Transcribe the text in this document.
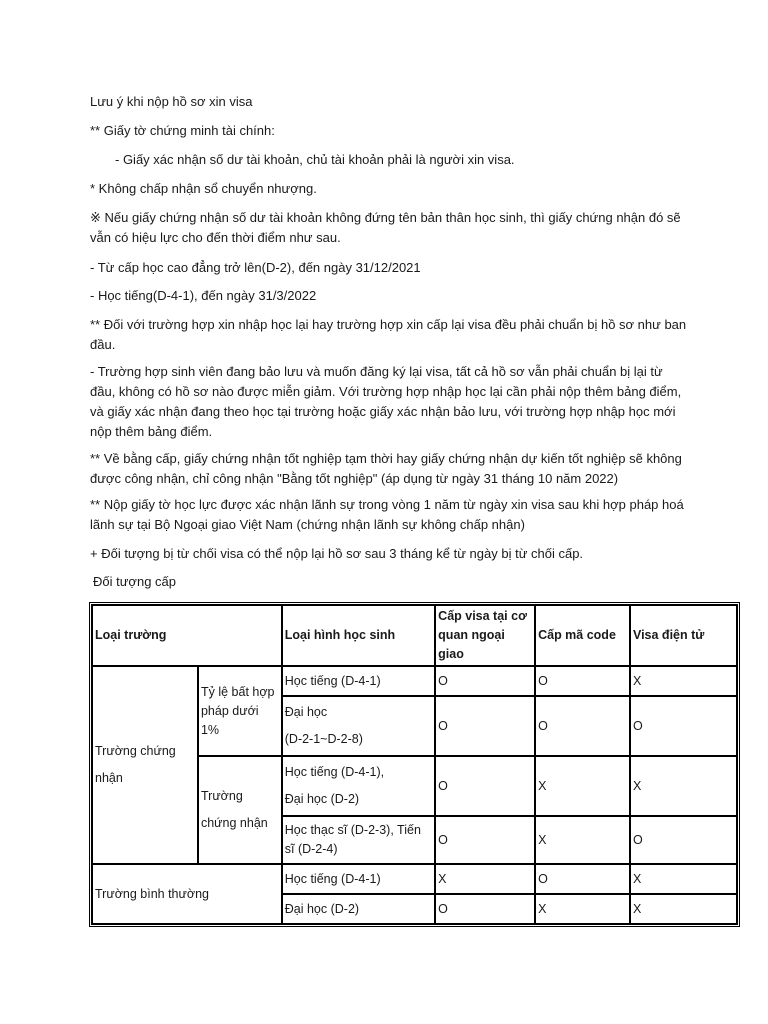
Lưu ý khi nộp hồ sơ xin visa

** Giấy tờ chứng minh tài chính:

- Giấy xác nhận số dư tài khoản, chủ tài khoản phải là người xin visa.

* Không chấp nhận sổ chuyển nhượng.

※ Nếu giấy chứng nhận số dư tài khoản không đứng tên bản thân học sinh, thì giấy chứng nhận đó sẽ vẫn có hiệu lực cho đến thời điểm như sau.

- Từ cấp học cao đẳng trở lên(D-2), đến ngày 31/12/2021

- Học tiếng(D-4-1), đến ngày 31/3/2022

** Đối với trường hợp xin nhập học lại hay trường hợp xin cấp lại visa đều phải chuẩn bị hồ sơ như ban đầu.

- Trường hợp sinh viên đang bảo lưu và muốn đăng ký lại visa, tất cả hồ sơ vẫn phải chuẩn bị lại từ đầu, không có hồ sơ nào được miễn giảm. Với trường hợp nhập học lại cần phải nộp thêm bảng điểm, và giấy xác nhận đang theo học tại trường hoặc giấy xác nhận bảo lưu, với trường hợp nhập học mới nộp thêm bảng điểm.

** Về bằng cấp, giấy chứng nhận tốt nghiệp tạm thời hay giấy chứng nhận dự kiến tốt nghiệp sẽ không được công nhận, chỉ công nhận "Bằng tốt nghiệp" (áp dụng từ ngày 31 tháng 10 năm 2022)

** Nộp giấy tờ học lực được xác nhận lãnh sự trong vòng 1 năm từ ngày xin visa sau khi hợp pháp hoá lãnh sự tại Bộ Ngoại giao Việt Nam (chứng nhận lãnh sự không chấp nhận)

+ Đối tượng bị từ chối visa có thể nộp lại hồ sơ sau 3 tháng kể từ ngày bị từ chối cấp.

Đối tượng cấp

Loại trường		Loại hình học sinh	Cấp visa tại cơ quan ngoại giao	Cấp mã code	Visa điện tử

Trường chứng
nhận	Tỷ lệ bất hợp pháp dưới 1%	Học tiếng (D-4-1)	O	O	X

		Đại học
(D-2-1~D-2-8)	O	O	O

	Trường
chứng nhận	Học tiếng (D-4-1),
Đại học (D-2)	O	X	X

		Học thạc sĩ (D-2-3), Tiến sĩ (D-2-4)	O	X	O
Trường bình thường		Học tiếng (D-4-1)	X	O	X

		Đại học (D-2)	O	X	X
